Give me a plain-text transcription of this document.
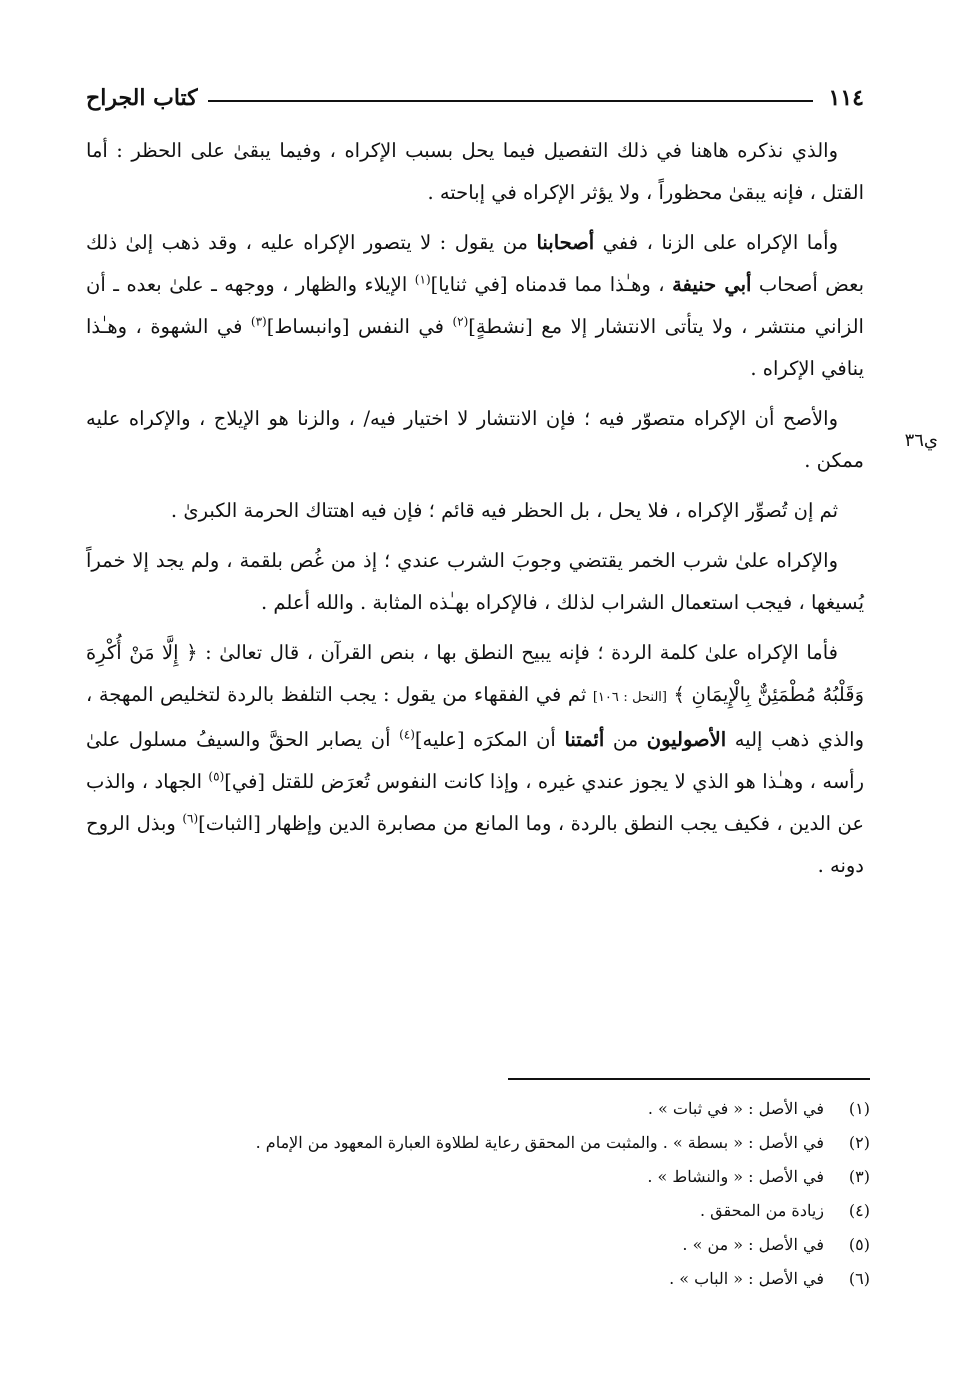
١١٤
كتاب الجراح
ي٣٦

والذي نذكره هاهنا في ذلك التفصيل فيما يحل بسبب الإكراه ، وفيما يبقىٰ على الحظر : أما القتل ، فإنه يبقىٰ محظوراً ، ولا يؤثر الإكراه في إباحته .

وأما الإكراه على الزنا ، ففي أصحابنا من يقول : لا يتصور الإكراه عليه ، وقد ذهب إلىٰ ذلك بعض أصحاب أبي حنيفة ، وهـٰذا مما قدمناه [في ثنايا]$^{(١)}$ الإيلاء والظهار ، ووجهه ـ علىٰ بعده ـ أن الزاني منتشر ، ولا يتأتى الانتشار إلا مع [نشطةٍ]$^{(٢)}$ في النفس [وانبساط]$^{(٣)}$ في الشهوة ، وهـٰذا ينافي الإكراه .

والأصح أن الإكراه متصوّر فيه ؛ فإن الانتشار لا اختيار فيه/ ، والزنا هو الإيلاج ، والإكراه عليه ممكن .

ثم إن تُصوِّر الإكراه ، فلا يحل ، بل الحظر فيه قائم ؛ فإن فيه اهتتاك الحرمة الكبرىٰ .

والإكراه علىٰ شرب الخمر يقتضي وجوبَ الشرب عندي ؛ إذ من غُص بلقمة ، ولم يجد إلا خمراً يُسيغها ، فيجب استعمال الشراب لذلك ، فالإكراه بهـٰذه المثابة . والله أعلم .

فأما الإكراه علىٰ كلمة الردة ؛ فإنه يبيح النطق بها ، بنص القرآن ، قال تعالىٰ : ﴿ إِلَّا مَنْ أُكْرِهَ وَقَلْبُهُ مُطْمَئِنٌّ بِالْإِيمَانِ ﴾ [النحل : ١٠٦] ثم في الفقهاء من يقول : يجب التلفظ بالردة لتخليص المهجة ، والذي ذهب إليه الأصوليون من أئمتنا أن المكرَه [عليه]$^{(٤)}$ أن يصابر الحقَّ والسيفُ مسلول علىٰ رأسه ، وهـٰذا هو الذي لا يجوز عندي غيره ، وإذا كانت النفوس تُعرَض للقتل [في]$^{(٥)}$ الجهاد ، والذب عن الدين ، فكيف يجب النطق بالردة ، وما المانع من مصابرة الدين وإظهار [الثبات]$^{(٦)}$ وبذل الروح دونه .

(١)
في الأصل : « في ثبات » .
(٢)
في الأصل : « بسطة » . والمثبت من المحقق رعاية لطلاوة العبارة المعهود من الإمام .
(٣)
في الأصل : « والنشاط » .
(٤)
زيادة من المحقق .
(٥)
في الأصل : « من » .
(٦)
في الأصل : « الباب » .
